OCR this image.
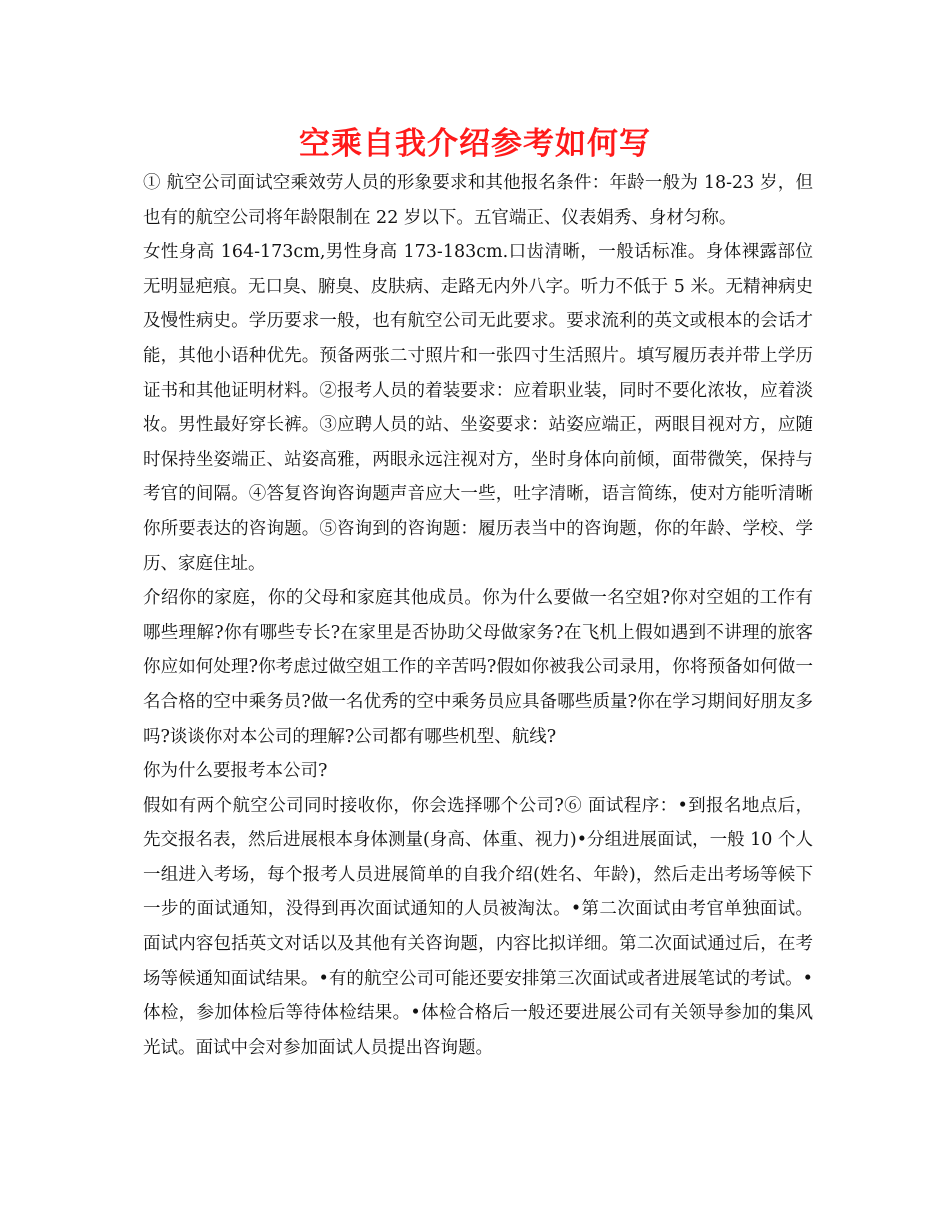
空乘自我介绍参考如何写

① 航空公司面试空乘效劳人员的形象要求和其他报名条件：年龄一般为 18-23 岁，但也有的航空公司将年龄限制在 22 岁以下。五官端正、仪表娟秀、身材匀称。

女性身高 164-173cm,男性身高 173-183cm.口齿清晰，一般话标准。身体裸露部位无明显疤痕。无口臭、腑臭、皮肤病、走路无内外八字。听力不低于 5 米。无精神病史及慢性病史。学历要求一般，也有航空公司无此要求。要求流利的英文或根本的会话才能，其他小语种优先。预备两张二寸照片和一张四寸生活照片。填写履历表并带上学历证书和其他证明材料。②报考人员的着装要求：应着职业装，同时不要化浓妆，应着淡妆。男性最好穿长裤。③应聘人员的站、坐姿要求：站姿应端正，两眼目视对方，应随时保持坐姿端正、站姿高雅，两眼永远注视对方，坐时身体向前倾，面带微笑，保持与考官的间隔。④答复咨询咨询题声音应大一些，吐字清晰，语言简练，使对方能听清晰你所要表达的咨询题。⑤咨询到的咨询题：履历表当中的咨询题，你的年龄、学校、学历、家庭住址。

介绍你的家庭，你的父母和家庭其他成员。你为什么要做一名空姐?你对空姐的工作有哪些理解?你有哪些专长?在家里是否协助父母做家务?在飞机上假如遇到不讲理的旅客你应如何处理?你考虑过做空姐工作的辛苦吗?假如你被我公司录用，你将预备如何做一名合格的空中乘务员?做一名优秀的空中乘务员应具备哪些质量?你在学习期间好朋友多吗?谈谈你对本公司的理解?公司都有哪些机型、航线?

你为什么要报考本公司?

假如有两个航空公司同时接收你，你会选择哪个公司?⑥ 面试程序：•到报名地点后，先交报名表，然后进展根本身体测量(身高、体重、视力)•分组进展面试，一般 10 个人一组进入考场，每个报考人员进展简单的自我介绍(姓名、年龄)，然后走出考场等候下一步的面试通知，没得到再次面试通知的人员被淘汰。•第二次面试由考官单独面试。面试内容包括英文对话以及其他有关咨询题，内容比拟详细。第二次面试通过后，在考场等候通知面试结果。•有的航空公司可能还要安排第三次面试或者进展笔试的考试。•体检，参加体检后等待体检结果。•体检合格后一般还要进展公司有关领导参加的集风光试。面试中会对参加面试人员提出咨询题。
